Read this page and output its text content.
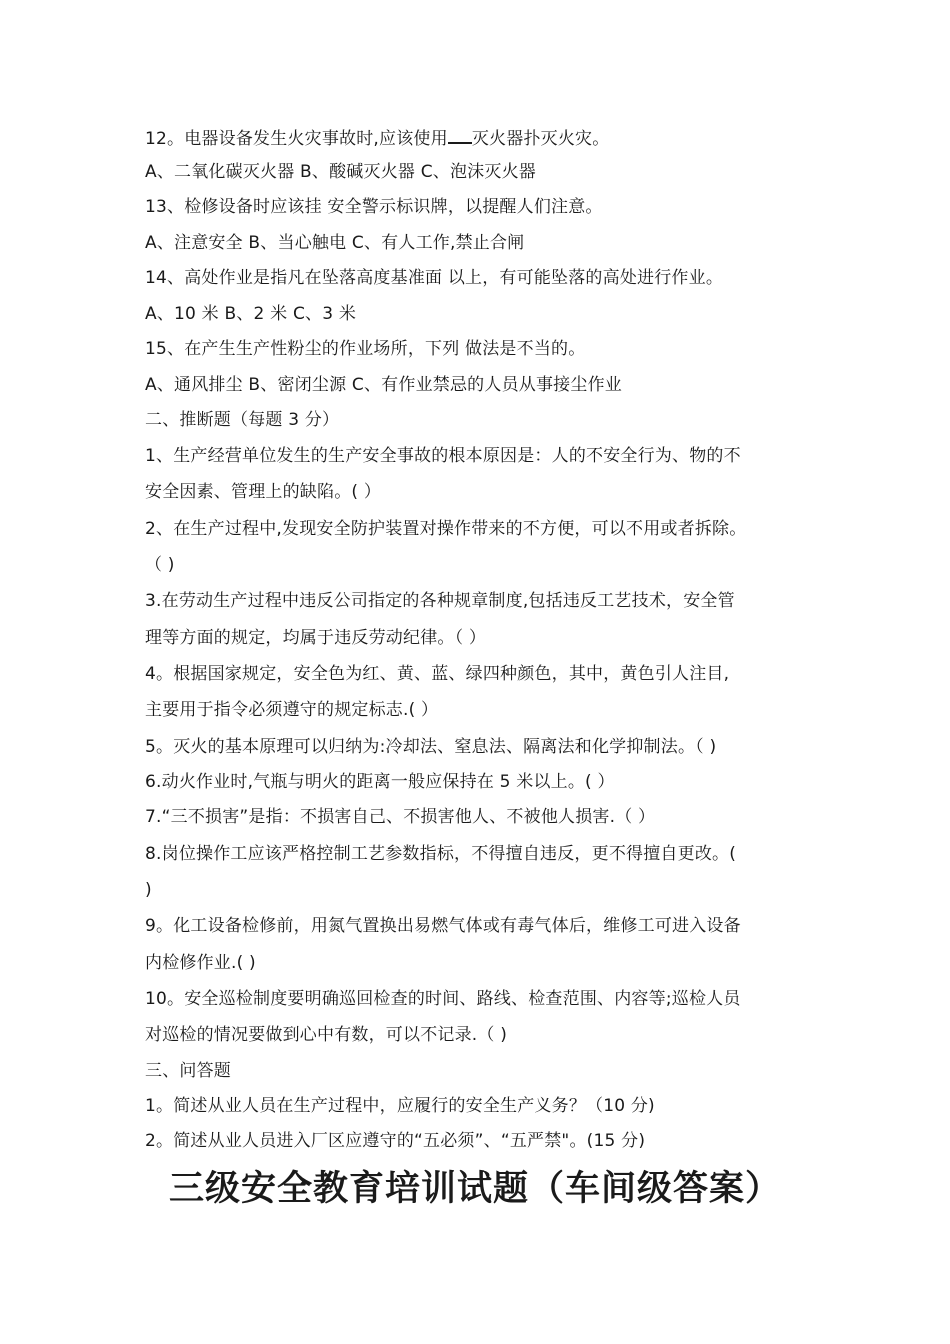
12。电器设备发生火灾事故时,应该使用 灭火器扑灭火灾。
A、二氧化碳灭火器 B、酸碱灭火器 C、泡沫灭火器
13、检修设备时应该挂 安全警示标识牌，以提醒人们注意。
A、注意安全 B、当心触电 C、有人工作,禁止合闸
14、高处作业是指凡在坠落高度基准面 以上，有可能坠落的高处进行作业。
A、10 米 B、2 米 C、3 米
15、在产生生产性粉尘的作业场所，下列 做法是不当的。
A、通风排尘 B、密闭尘源 C、有作业禁忌的人员从事接尘作业
二、推断题（每题 3 分）
1、生产经营单位发生的生产安全事故的根本原因是：人的不安全行为、物的不
安全因素、管理上的缺陷。( ）
2、在生产过程中,发现安全防护装置对操作带来的不方便，可以不用或者拆除。
（ )
3.在劳动生产过程中违反公司指定的各种规章制度,包括违反工艺技术，安全管
理等方面的规定，均属于违反劳动纪律。（ ）
4。根据国家规定，安全色为红、黄、蓝、绿四种颜色，其中，黄色引人注目,
主要用于指令必须遵守的规定标志.( ）
5。灭火的基本原理可以归纳为:冷却法、窒息法、隔离法和化学抑制法。（ )
6.动火作业时,气瓶与明火的距离一般应保持在 5 米以上。( ）
7.“三不损害”是指：不损害自己、不损害他人、不被他人损害.（ ）
8.岗位操作工应该严格控制工艺参数指标，不得擅自违反，更不得擅自更改。(
)
9。化工设备检修前，用氮气置换出易燃气体或有毒气体后，维修工可进入设备
内检修作业.( )
10。安全巡检制度要明确巡回检查的时间、路线、检查范围、内容等;巡检人员
对巡检的情况要做到心中有数，可以不记录.（ )
三、问答题
1。简述从业人员在生产过程中，应履行的安全生产义务？（10 分)
2。简述从业人员进入厂区应遵守的“五必须”、“五严禁"。(15 分)
三级安全教育培训试题（车间级答案）
